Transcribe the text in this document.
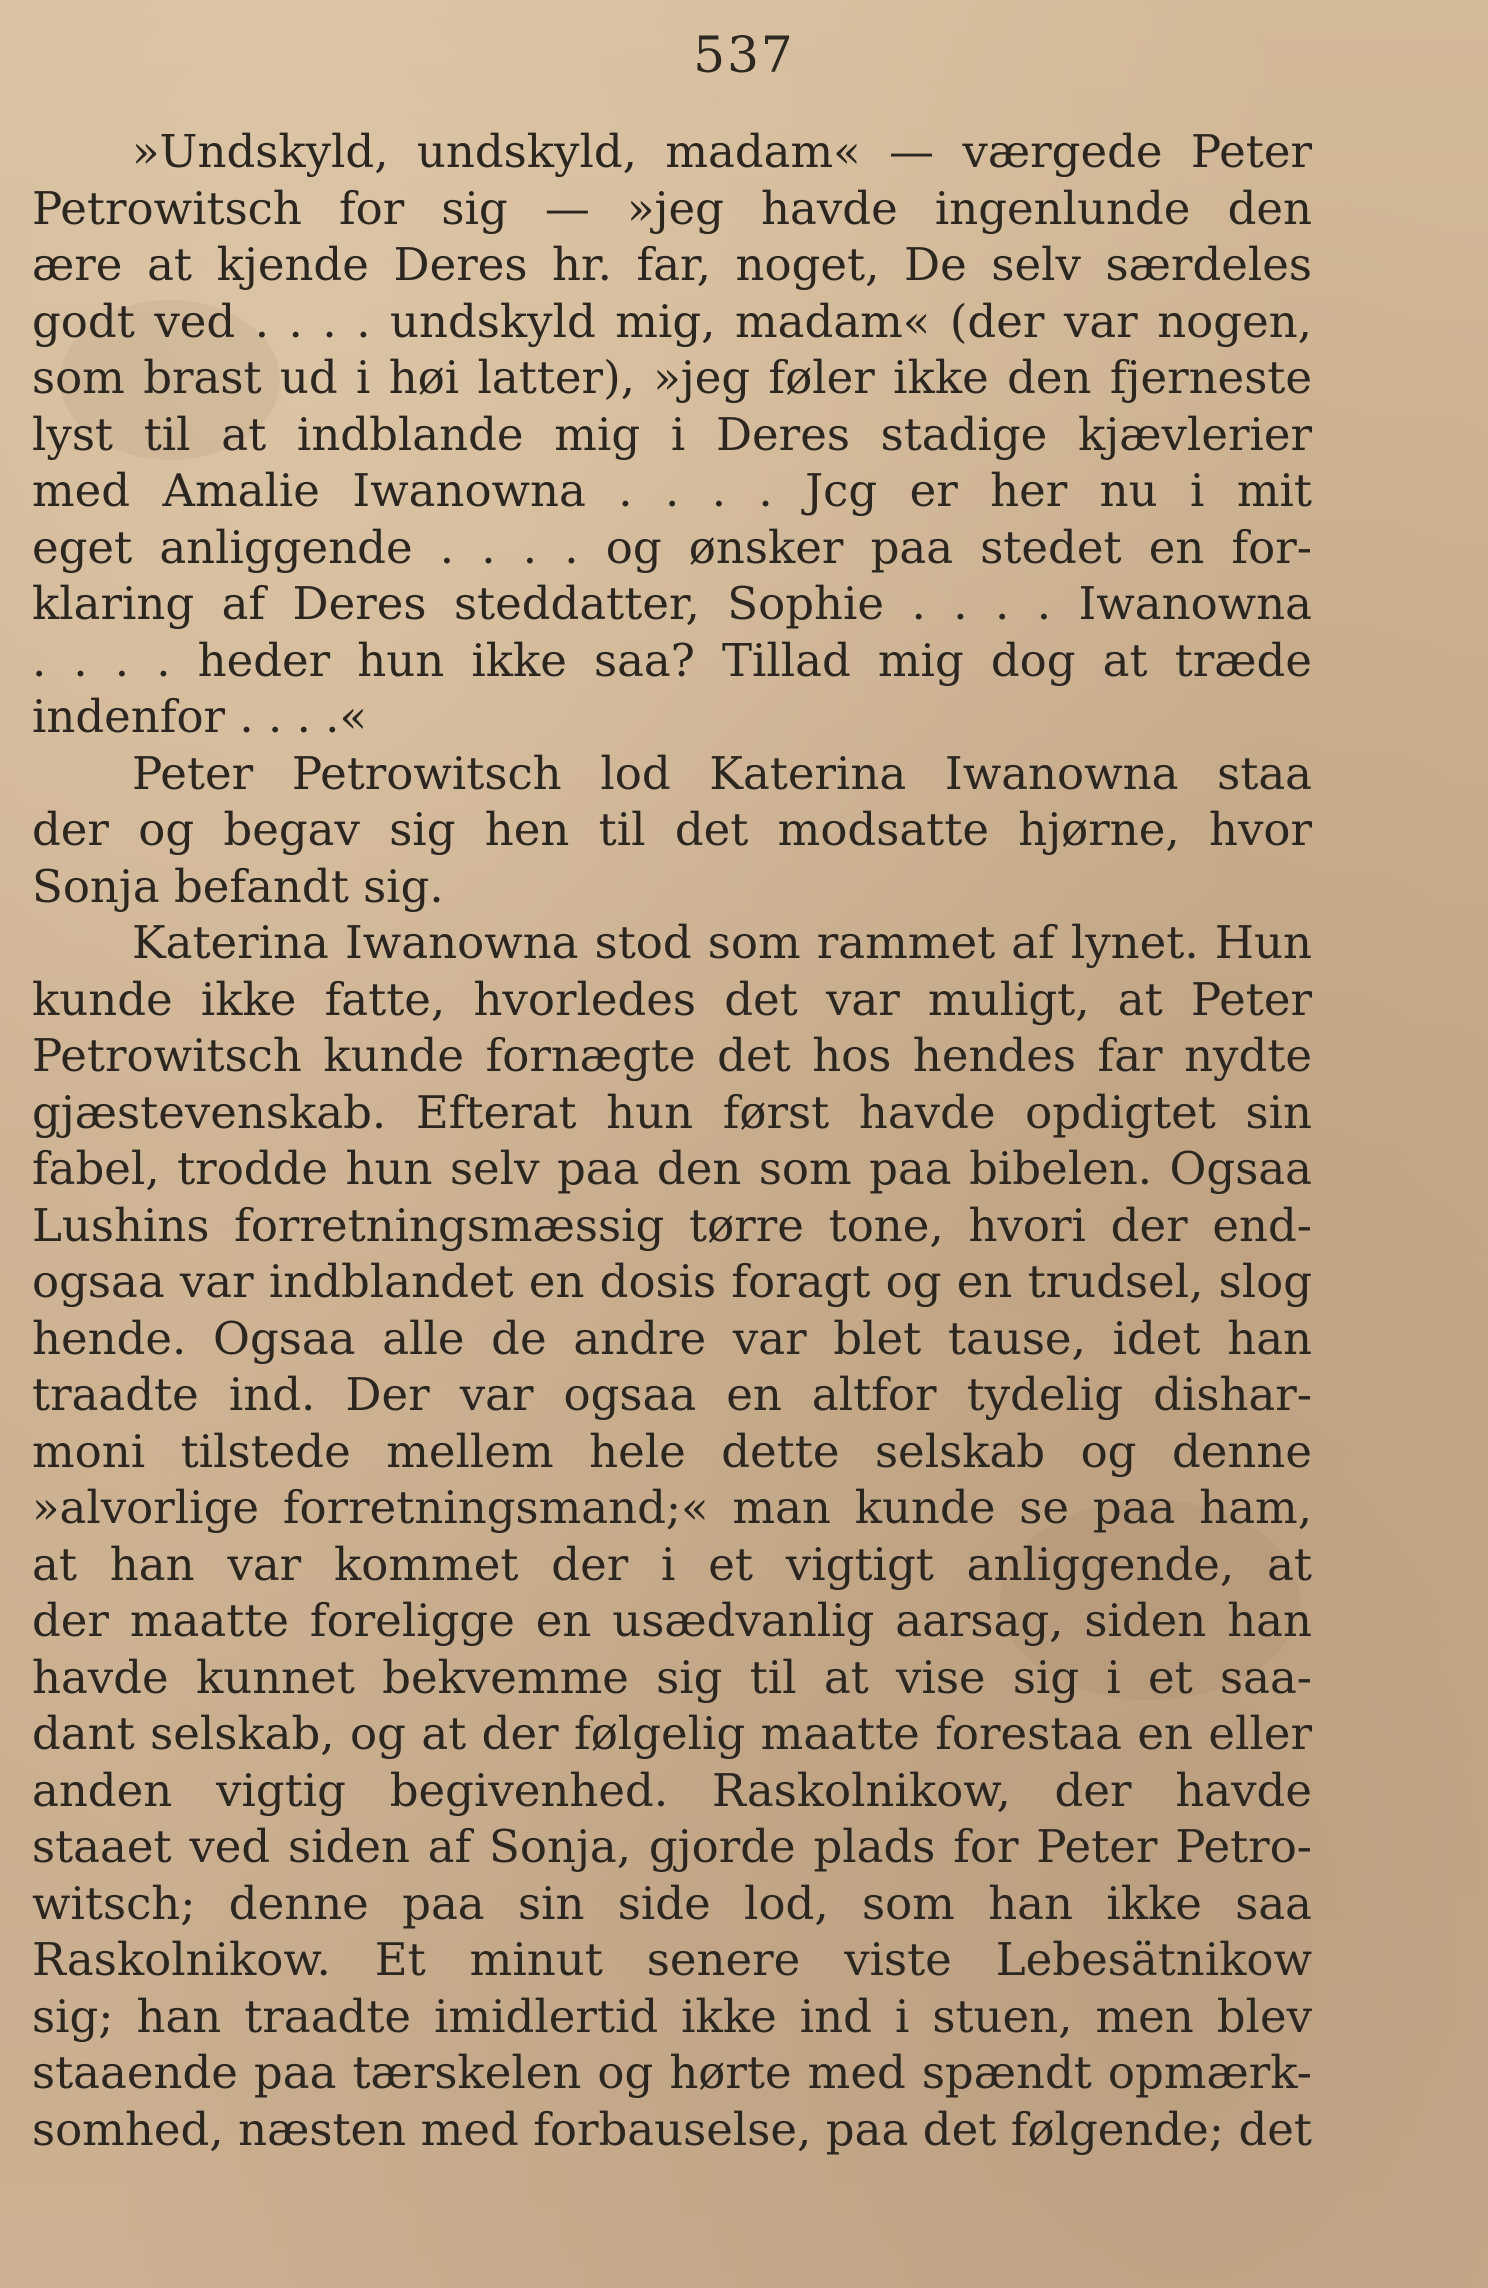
537
»Undskyld, undskyld, madam« — værgede Peter
Petrowitsch for sig — »jeg havde ingenlunde den
ære at kjende Deres hr. far, noget, De selv særdeles
godt ved . . . . undskyld mig, madam« (der var nogen,
som brast ud i høi latter), »jeg føler ikke den fjerneste
lyst til at indblande mig i Deres stadige kjævlerier
med Amalie Iwanowna . . . . Jcg er her nu i mit
eget anliggende . . . . og ønsker paa stedet en for-
klaring af Deres steddatter, Sophie . . . . Iwanowna
. . . . heder hun ikke saa? Tillad mig dog at træde
indenfor . . . .«
Peter Petrowitsch lod Katerina Iwanowna staa
der og begav sig hen til det modsatte hjørne, hvor
Sonja befandt sig.
Katerina Iwanowna stod som rammet af lynet. Hun
kunde ikke fatte, hvorledes det var muligt, at Peter
Petrowitsch kunde fornægte det hos hendes far nydte
gjæstevenskab. Efterat hun først havde opdigtet sin
fabel, trodde hun selv paa den som paa bibelen. Ogsaa
Lushins forretningsmæssig tørre tone, hvori der end-
ogsaa var indblandet en dosis foragt og en trudsel, slog
hende. Ogsaa alle de andre var blet tause, idet han
traadte ind. Der var ogsaa en altfor tydelig dishar-
moni tilstede mellem hele dette selskab og denne
»alvorlige forretningsmand;« man kunde se paa ham,
at han var kommet der i et vigtigt anliggende, at
der maatte foreligge en usædvanlig aarsag, siden han
havde kunnet bekvemme sig til at vise sig i et saa-
dant selskab, og at der følgelig maatte forestaa en eller
anden vigtig begivenhed. Raskolnikow, der havde
staaet ved siden af Sonja, gjorde plads for Peter Petro-
witsch; denne paa sin side lod, som han ikke saa
Raskolnikow. Et minut senere viste Lebesätnikow
sig; han traadte imidlertid ikke ind i stuen, men blev
staaende paa tærskelen og hørte med spændt opmærk-
somhed, næsten med forbauselse, paa det følgende; det
